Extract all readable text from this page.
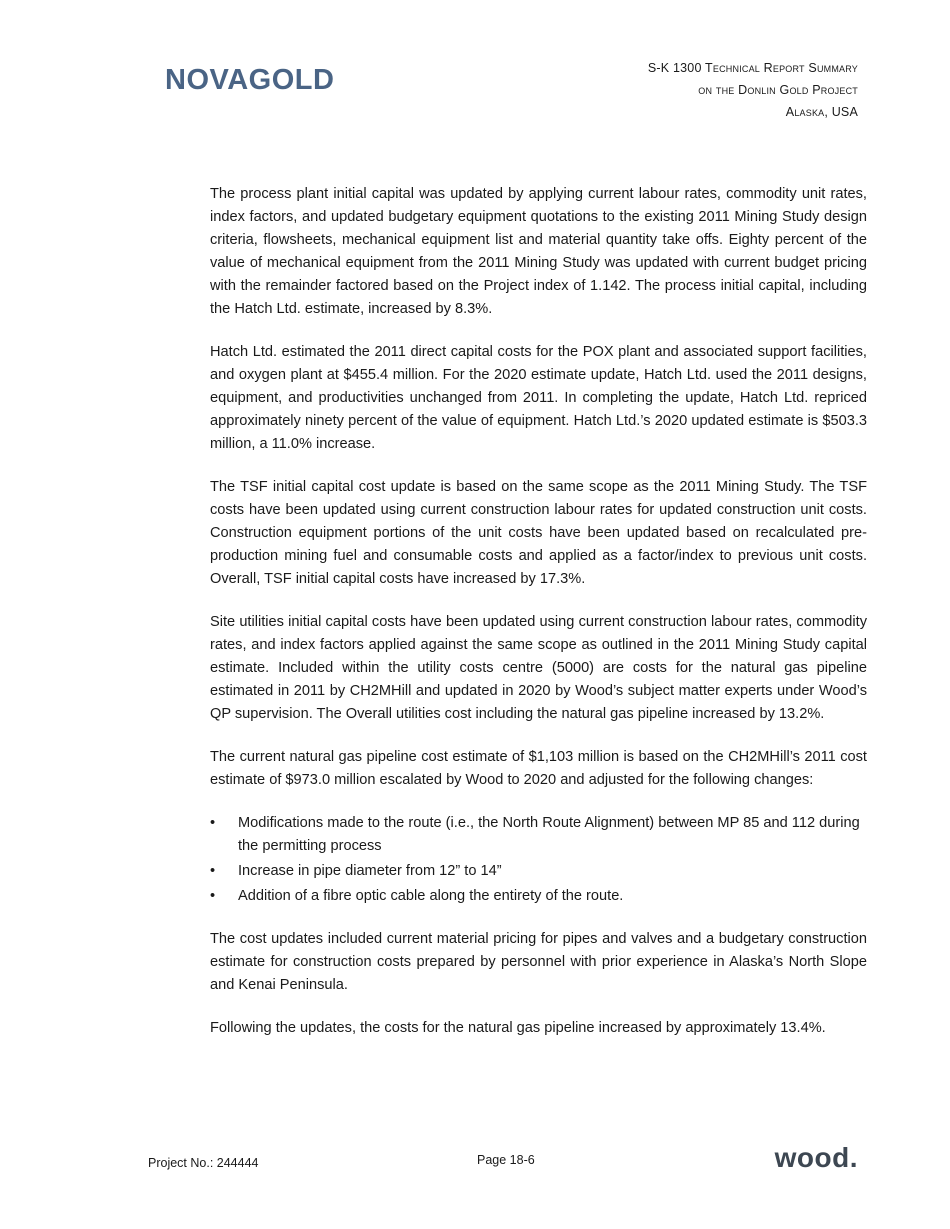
NOVAGOLD	S-K 1300 Technical Report Summary
on the Donlin Gold Project
Alaska, USA

The process plant initial capital was updated by applying current labour rates, commodity unit rates, index factors, and updated budgetary equipment quotations to the existing 2011 Mining Study design criteria, flowsheets, mechanical equipment list and material quantity take offs. Eighty percent of the value of mechanical equipment from the 2011 Mining Study was updated with current budget pricing with the remainder factored based on the Project index of 1.142. The process initial capital, including the Hatch Ltd. estimate, increased by 8.3%.

Hatch Ltd. estimated the 2011 direct capital costs for the POX plant and associated support facilities, and oxygen plant at $455.4 million. For the 2020 estimate update, Hatch Ltd. used the 2011 designs, equipment, and productivities unchanged from 2011. In completing the update, Hatch Ltd. repriced approximately ninety percent of the value of equipment. Hatch Ltd.’s 2020 updated estimate is $503.3 million, a 11.0% increase.

The TSF initial capital cost update is based on the same scope as the 2011 Mining Study. The TSF costs have been updated using current construction labour rates for updated construction unit costs. Construction equipment portions of the unit costs have been updated based on recalculated pre-production mining fuel and consumable costs and applied as a factor/index to previous unit costs. Overall, TSF initial capital costs have increased by 17.3%.

Site utilities initial capital costs have been updated using current construction labour rates, commodity rates, and index factors applied against the same scope as outlined in the 2011 Mining Study capital estimate. Included within the utility costs centre (5000) are costs for the natural gas pipeline estimated in 2011 by CH2MHill and updated in 2020 by Wood’s subject matter experts under Wood’s QP supervision. The Overall utilities cost including the natural gas pipeline increased by 13.2%.

The current natural gas pipeline cost estimate of $1,103 million is based on the CH2MHill’s 2011 cost estimate of $973.0 million escalated by Wood to 2020 and adjusted for the following changes:

• Modifications made to the route (i.e., the North Route Alignment) between MP 85 and 112 during the permitting process
• Increase in pipe diameter from 12” to 14”
• Addition of a fibre optic cable along the entirety of the route.

The cost updates included current material pricing for pipes and valves and a budgetary construction estimate for construction costs prepared by personnel with prior experience in Alaska’s North Slope and Kenai Peninsula.

Following the updates, the costs for the natural gas pipeline increased by approximately 13.4%.

Project No.: 244444	Page 18-6	wood.
